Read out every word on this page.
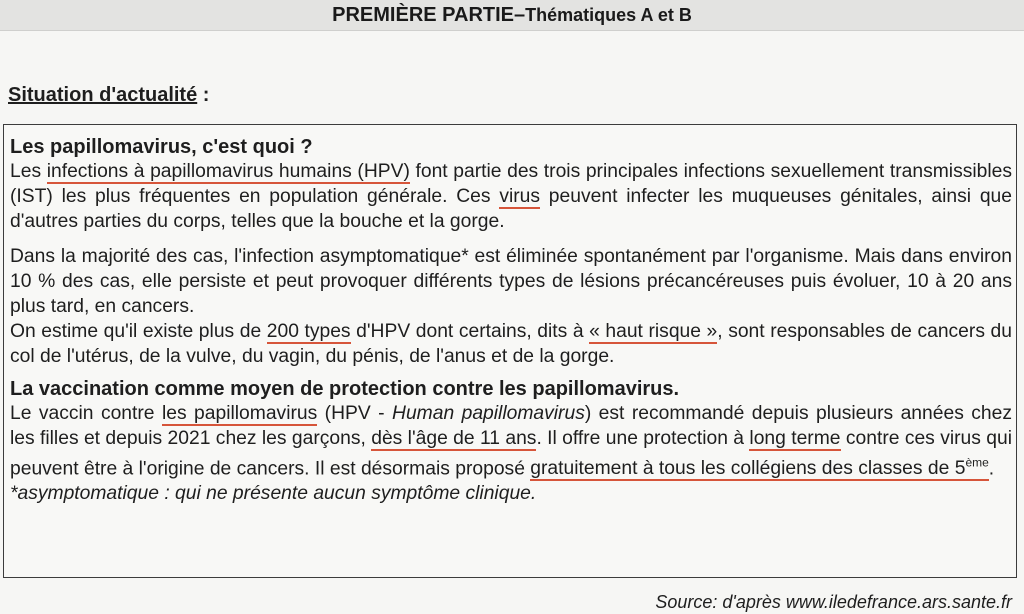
PREMIÈRE PARTIE – Thématiques A et B

Situation d'actualité :

Les papillomavirus, c'est quoi ?

Les infections à papillomavirus humains (HPV) font partie des trois principales infections sexuellement transmissibles (IST) les plus fréquentes en population générale. Ces virus peuvent infecter les muqueuses génitales, ainsi que d'autres parties du corps, telles que la bouche et la gorge.

Dans la majorité des cas, l'infection asymptomatique* est éliminée spontanément par l'organisme. Mais dans environ 10 % des cas, elle persiste et peut provoquer différents types de lésions précancéreuses puis évoluer, 10 à 20 ans plus tard, en cancers.

On estime qu'il existe plus de 200 types d'HPV dont certains, dits à « haut risque », sont responsables de cancers du col de l'utérus, de la vulve, du vagin, du pénis, de l'anus et de la gorge.

La vaccination comme moyen de protection contre les papillomavirus.

Le vaccin contre les papillomavirus (HPV - Human papillomavirus) est recommandé depuis plusieurs années chez les filles et depuis 2021 chez les garçons, dès l'âge de 11 ans. Il offre une protection à long terme contre ces virus qui peuvent être à l'origine de cancers. Il est désormais proposé gratuitement à tous les collégiens des classes de 5ème.

*asymptomatique : qui ne présente aucun symptôme clinique.

Source: d'après www.iledefrance.ars.sante.fr
